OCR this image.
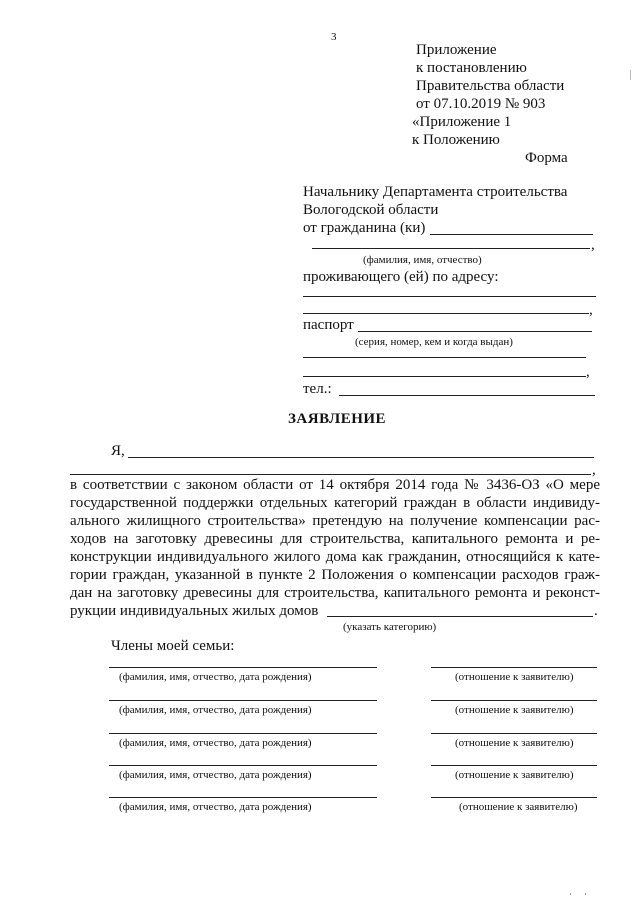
3
Приложение
к постановлению
Правительства области
от 07.10.2019 № 903
«Приложение 1
к Положению
Форма
Начальнику Департамента строительства
Вологодской области
от гражданина (ки)
,
(фамилия, имя, отчество)
проживающего (ей) по адресу:
,
паспорт
(серия, номер, кем и когда выдан)
,
тел.:
ЗАЯВЛЕНИЕ
Я,
,
в соответствии с законом области от 14 октября 2014 года № 3436-ОЗ «О мере
государственной поддержки отдельных категорий граждан в области индивиду-
ального жилищного строительства» претендую на получение компенсации рас-
ходов на заготовку древесины для строительства, капитального ремонта и ре-
конструкции индивидуального жилого дома как гражданин, относящийся к кате-
гории граждан, указанной в пункте 2 Положения о компенсации расходов граж-
дан на заготовку древесины для строительства, капитального ремонта и реконст-
рукции индивидуальных жилых домов	.
(указать категорию)
Члены моей семьи:
(фамилия, имя, отчество, дата рождения)	(отношение к заявителю)
(фамилия, имя, отчество, дата рождения)	(отношение к заявителю)
(фамилия, имя, отчество, дата рождения)	(отношение к заявителю)
(фамилия, имя, отчество, дата рождения)	(отношение к заявителю)
(фамилия, имя, отчество, дата рождения)	(отношение к заявителю)
